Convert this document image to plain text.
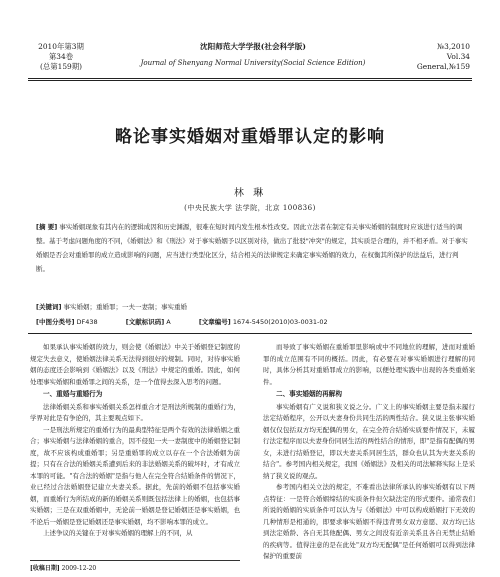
2010年第3期
第34卷
(总第159期)
沈阳师范大学学报(社会科学版)
Journal of Shenyang Normal University(Social Science Edition)
№3,2010
Vol.34
General,№159
略论事实婚姻对重婚罪认定的影响
林 琳
(中央民族大学 法学院，北京 100836)
[摘 要] 事实婚姻现象有其内在的逻辑成因和历史渊源，很难在短时间内发生根本性改变。因此立法者在制定有关事实婚姻的制度时应该进行适当的调整。基于考虑问题角度的不同，《婚姻法》和《刑法》对于事实婚姻予以区别对待，做出了批驳"冲突"的规定，其实质是合理的，并不相矛盾。对于事实婚姻是否会对重婚罪的成立造成影响的问题，应当进行类型化区分，结合相关的法律规定来确定事实婚姻的效力，在权衡其所保护的法益后，进行判断。
[关键词] 事实婚姻；重婚罪；一夫一妻制；事实重婚
[中图分类号] DF438	[文献标识码] A	[文章编号] 1674-5450(2010)03-0031-02

如果承认事实婚姻的效力，则会使《婚姻法》中关于婚姻登记制度的规定失去意义，使婚姻法律关系无法得到很好的规制。同时，对待事实婚姻的态度还会影响到《婚姻法》以及《刑法》中规定的重婚。因此，如何处理事实婚姻和重婚罪之间的关系，是一个值得去深入思考的问题。

一、重婚与重婚行为

法律婚姻关系和事实婚姻关系怎样重合才是刑法所规制的重婚行为，学界对此是有争论的，其主要观点如下。

一是刑法所规定的重婚行为的最典型特征是两个有效的法律婚姻之重合；事实婚姻与法律婚姻的重合，因不侵犯一夫一妻制度中的婚姻登记制度，故不应该构成重婚罪；另是重婚罪的成立以存在一个合法婚姻为前提；只有在合法的婚姻关系遭到后来的非法婚姻关系的破坏时，才有成立本罪的可能。"有合法的婚姻"是指与他人在完全符合结婚条件的情况下，业已经过合法婚姻登记建立夫妻关系。据此，先前的婚姻不包括事实婚姻，而重婚行为所结成的新的婚姻关系则既包括法律上的婚姻，也包括事实婚姻；三是在双重婚姻中，无论前一婚姻是登记婚姻还是事实婚姻，也不论后一婚姻是登记婚姻还是事实婚姻，均不影响本罪的成立。

上述争议的关键在于对事实婚姻的理解上的不同，从

[收稿日期] 2009-12-20

而导致了事实婚姻在重婚罪里影响或中不同地位的理解，进而对重婚罪的成立范围有不同的概括。因此，有必要在对事实婚姻进行理解的同时，具体分析其对重婚罪成立的影响，以便处理实践中出现的各类重婚案件。

二、事实婚姻的再解构

事实婚姻有广义说和狭义说之分。广义上的事实婚姻主要是指未履行法定结婚程序，公开以夫妻身份共同生活的两性结合。狭义说主张事实婚姻仅仅包括双方均无配偶的男女，在完全符合结婚实质要件情况下，未履行法定程序而以夫妻身份同居生活的两性结合的情形，即"是指有配偶的男女，未进行结婚登记，即以夫妻关系同居生活，群众也认其为夫妻关系的结合"。参考国内相关规定，我国《婚姻法》及相关的司法解释实际上是采纳了狭义说的观点。

参考国内相关立法的规定，不难看出法律所承认的事实婚姻有以下两点特征：一是符合婚姻缔结的实质条件但欠缺法定的形式要件。通常我们所说的婚姻的实质条件可以认为与《婚姻法》中可以构成婚姻打下无效的几种情形是相通的，即要求事实婚姻不得违背男女双方意愿、双方均已达到法定婚龄、各自无其他配偶、男女之间没有近亲关系且各自无禁止结婚的疾病等。值得注意的是在此处"双方均无配偶"是任何婚姻可以得到法律保护的重要前
